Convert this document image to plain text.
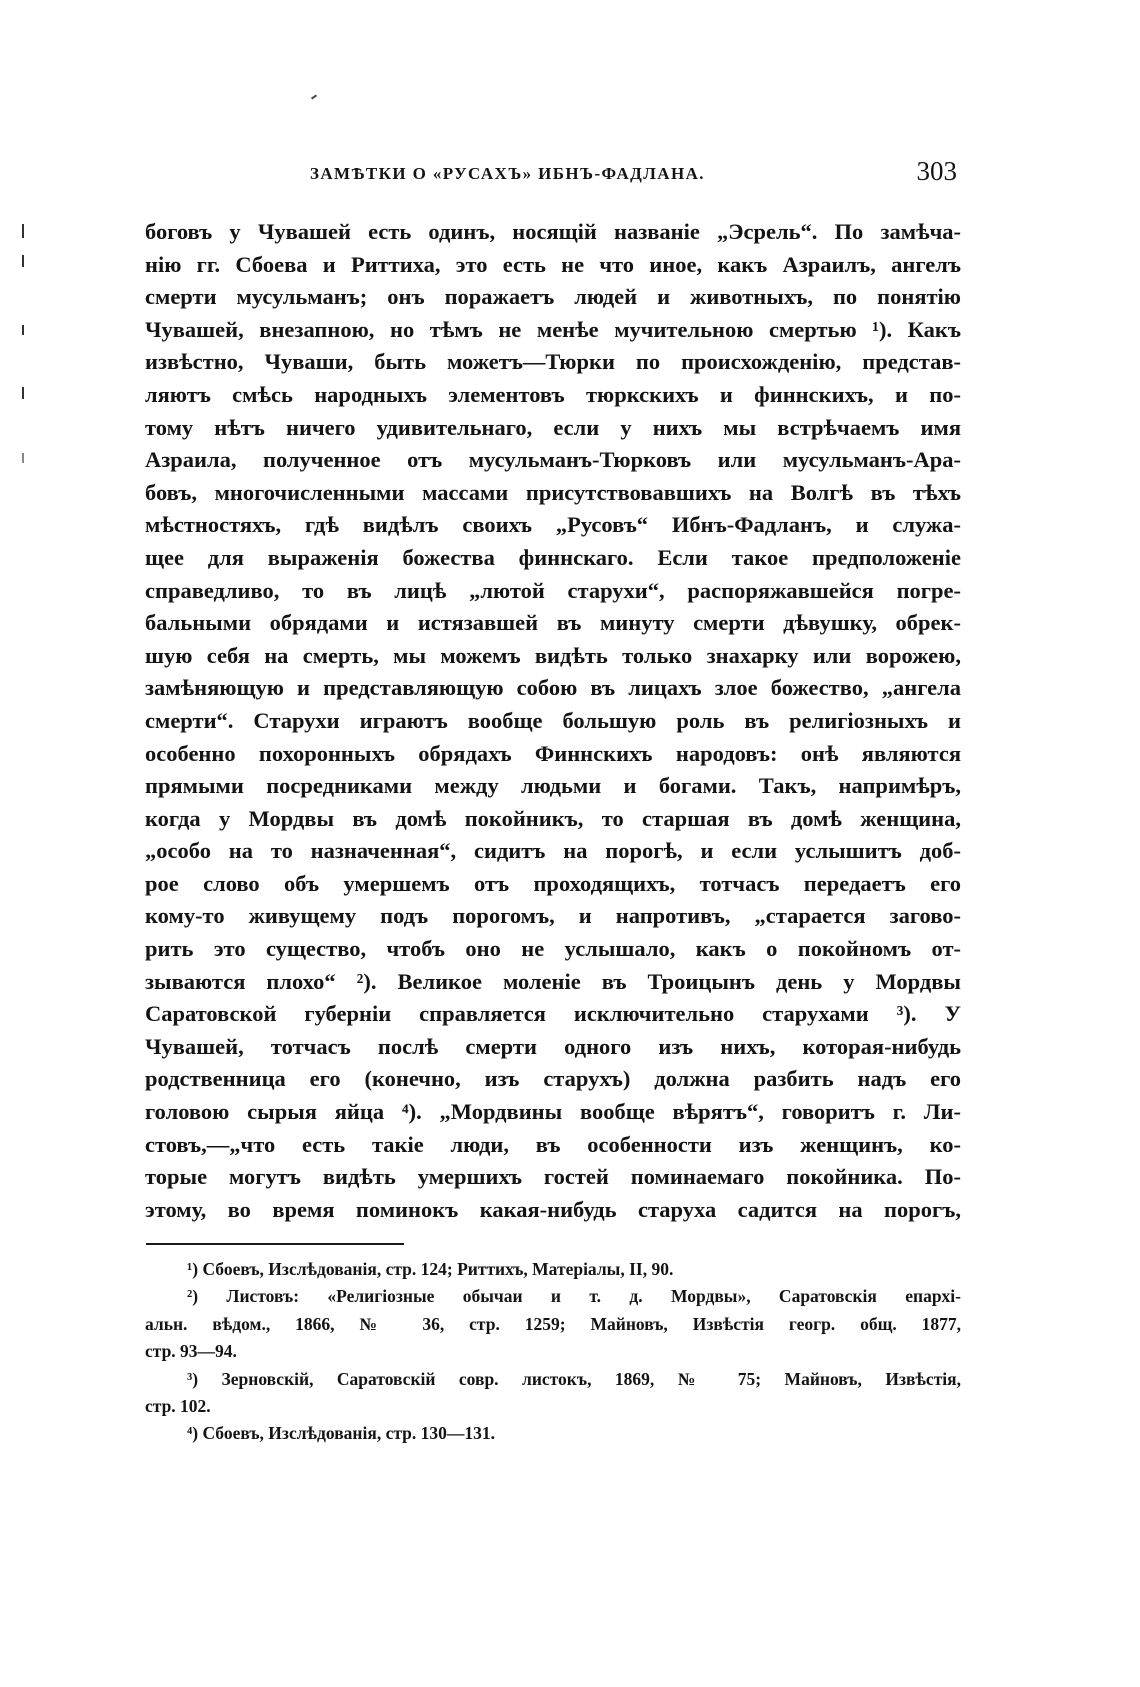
ЗАМѢТКИ О «РУСАХЪ» ИБНЪ-ФАДЛАНА.	303
боговъ у Чувашей есть одинъ, носящій названіе „Эсрель“. По замѣча-
нію гг. Сбоева и Риттиха, это есть не что иное, какъ Азраилъ, ангелъ
смерти мусульманъ; онъ поражаетъ людей и животныхъ, по понятію
Чувашей, внезапною, но тѣмъ не менѣе мучительною смертью ¹). Какъ
извѣстно, Чуваши, быть можетъ—Тюрки по происхожденію, представ-
ляютъ смѣсь народныхъ элементовъ тюркскихъ и финнскихъ, и по-
тому нѣтъ ничего удивительнаго, если у нихъ мы встрѣчаемъ имя
Азраила, полученное отъ мусульманъ-Тюрковъ или мусульманъ-Ара-
бовъ, многочисленными массами присутствовавшихъ на Волгѣ въ тѣхъ
мѣстностяхъ, гдѣ видѣлъ своихъ „Русовъ“ Ибнъ-Фадланъ, и служа-
щее для выраженія божества финнскаго. Если такое предположеніе
справедливо, то въ лицѣ „лютой старухи“, распоряжавшейся погре-
бальными обрядами и истязавшей въ минуту смерти дѣвушку, обрек-
шую себя на смерть, мы можемъ видѣть только знахарку или ворожею,
замѣняющую и представляющую собою въ лицахъ злое божество, „ангела
смерти“. Старухи играютъ вообще большую роль въ религіозныхъ и
особенно похоронныхъ обрядахъ Финнскихъ народовъ: онѣ являются
прямыми посредниками между людьми и богами. Такъ, напримѣръ,
когда у Мордвы въ домѣ покойникъ, то старшая въ домѣ женщина,
„особо на то назначенная“, сидитъ на порогѣ, и если услышитъ доб-
рое слово объ умершемъ отъ проходящихъ, тотчасъ передаетъ его
кому-то живущему подъ порогомъ, и напротивъ, „старается загово-
рить это существо, чтобъ оно не услышало, какъ о покойномъ от-
зываются плохо“ ²). Великое моленіе въ Троицынъ день у Мордвы
Саратовской губерніи справляется исключительно старухами ³). У
Чувашей, тотчасъ послѣ смерти одного изъ нихъ, которая-нибудь
родственница его (конечно, изъ старухъ) должна разбить надъ его
головою сырыя яйца ⁴). „Мордвины вообще вѣрятъ“, говоритъ г. Ли-
стовъ,—„что есть такіе люди, въ особенности изъ женщинъ, ко-
торые могутъ видѣть умершихъ гостей поминаемаго покойника. По-
этому, во время поминокъ какая-нибудь старуха садится на порогъ,
¹) Сбоевъ, Изслѣдованія, стр. 124; Риттихъ, Матеріалы, II, 90.
²) Листовъ: «Религіозные обычаи и т. д. Мордвы», Саратовскія епархі-
альн. вѣдом., 1866, № 36, стр. 1259; Майновъ, Извѣстія геогр. общ. 1877,
стр. 93—94.
³) Зерновскій, Саратовскій совр. листокъ, 1869, № 75; Майновъ, Извѣстія,
стр. 102.
⁴) Сбоевъ, Изслѣдованія, стр. 130—131.
